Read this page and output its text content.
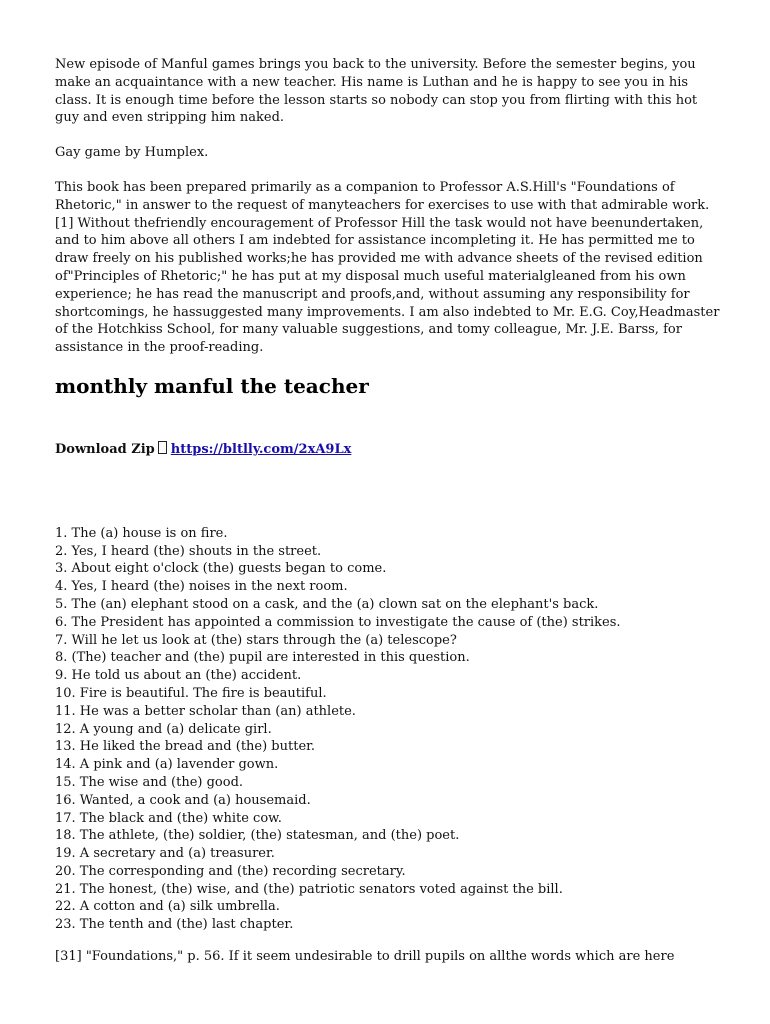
New episode of Manful games brings you back to the university. Before the semester begins, you make an acquaintance with a new teacher. His name is Luthan and he is happy to see you in his class. It is enough time before the lesson starts so nobody can stop you from flirting with this hot guy and even stripping him naked.

Gay game by Humplex.

This book has been prepared primarily as a companion to Professor A.S.Hill's "Foundations of Rhetoric," in answer to the request of manyteachers for exercises to use with that admirable work.[1] Without thefriendly encouragement of Professor Hill the task would not have beenundertaken, and to him above all others I am indebted for assistance incompleting it. He has permitted me to draw freely on his published works;he has provided me with advance sheets of the revised edition of"Principles of Rhetoric;" he has put at my disposal much useful materialgleaned from his own experience; he has read the manuscript and proofs,and, without assuming any responsibility for shortcomings, he hassuggested many improvements. I am also indebted to Mr. E.G. Coy,Headmaster of the Hotchkiss School, for many valuable suggestions, and tomy colleague, Mr. J.E. Barss, for assistance in the proof-reading.

monthly manful the teacher
Download Zip https://bltlly.com/2xA9Lx
1. The (a) house is on fire.
2. Yes, I heard (the) shouts in the street.
3. About eight o'clock (the) guests began to come.
4. Yes, I heard (the) noises in the next room.
5. The (an) elephant stood on a cask, and the (a) clown sat on the elephant's back.
6. The President has appointed a commission to investigate the cause of (the) strikes.
7. Will he let us look at (the) stars through the (a) telescope?
8. (The) teacher and (the) pupil are interested in this question.
9. He told us about an (the) accident.
10. Fire is beautiful. The fire is beautiful.
11. He was a better scholar than (an) athlete.
12. A young and (a) delicate girl.
13. He liked the bread and (the) butter.
14. A pink and (a) lavender gown.
15. The wise and (the) good.
16. Wanted, a cook and (a) housemaid.
17. The black and (the) white cow.
18. The athlete, (the) soldier, (the) statesman, and (the) poet.
19. A secretary and (a) treasurer.
20. The corresponding and (the) recording secretary.
21. The honest, (the) wise, and (the) patriotic senators voted against the bill.
22. A cotton and (a) silk umbrella.
23. The tenth and (the) last chapter.

[31] "Foundations," p. 56. If it seem undesirable to drill pupils on allthe words which are here
